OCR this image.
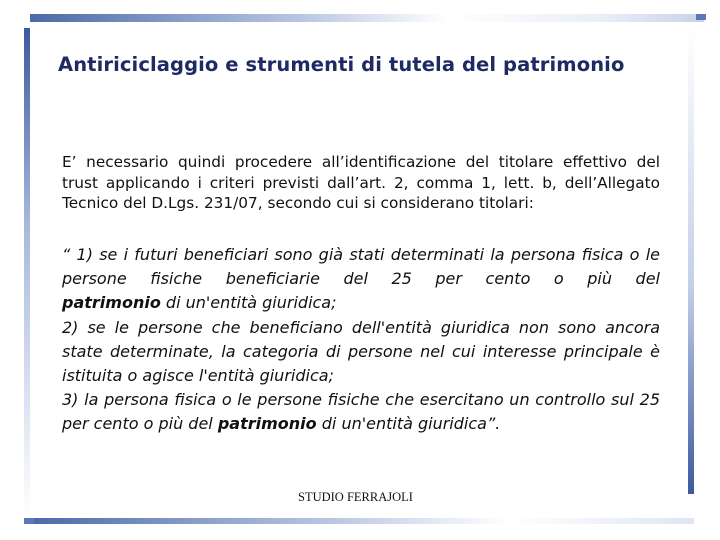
Antiriciclaggio e strumenti di tutela del patrimonio

E’ necessario quindi procedere all’identificazione del titolare effettivo del trust applicando i criteri previsti dall’art. 2, comma 1, lett. b, dell’Allegato Tecnico del D.Lgs. 231/07, secondo cui si considerano titolari:

“ 1) se i futuri beneficiari sono già stati determinati la persona fisica o le persone fisiche beneficiarie del 25 per cento o più del

patrimonio di un'entità giuridica;

2) se le persone che beneficiano dell'entità giuridica non sono ancora state determinate, la categoria di persone nel cui interesse principale è istituita o agisce l'entità giuridica;

3) la persona fisica o le persone fisiche che esercitano un controllo sul 25 per cento o più del patrimonio di un'entità giuridica”.

STUDIO FERRAJOLI
